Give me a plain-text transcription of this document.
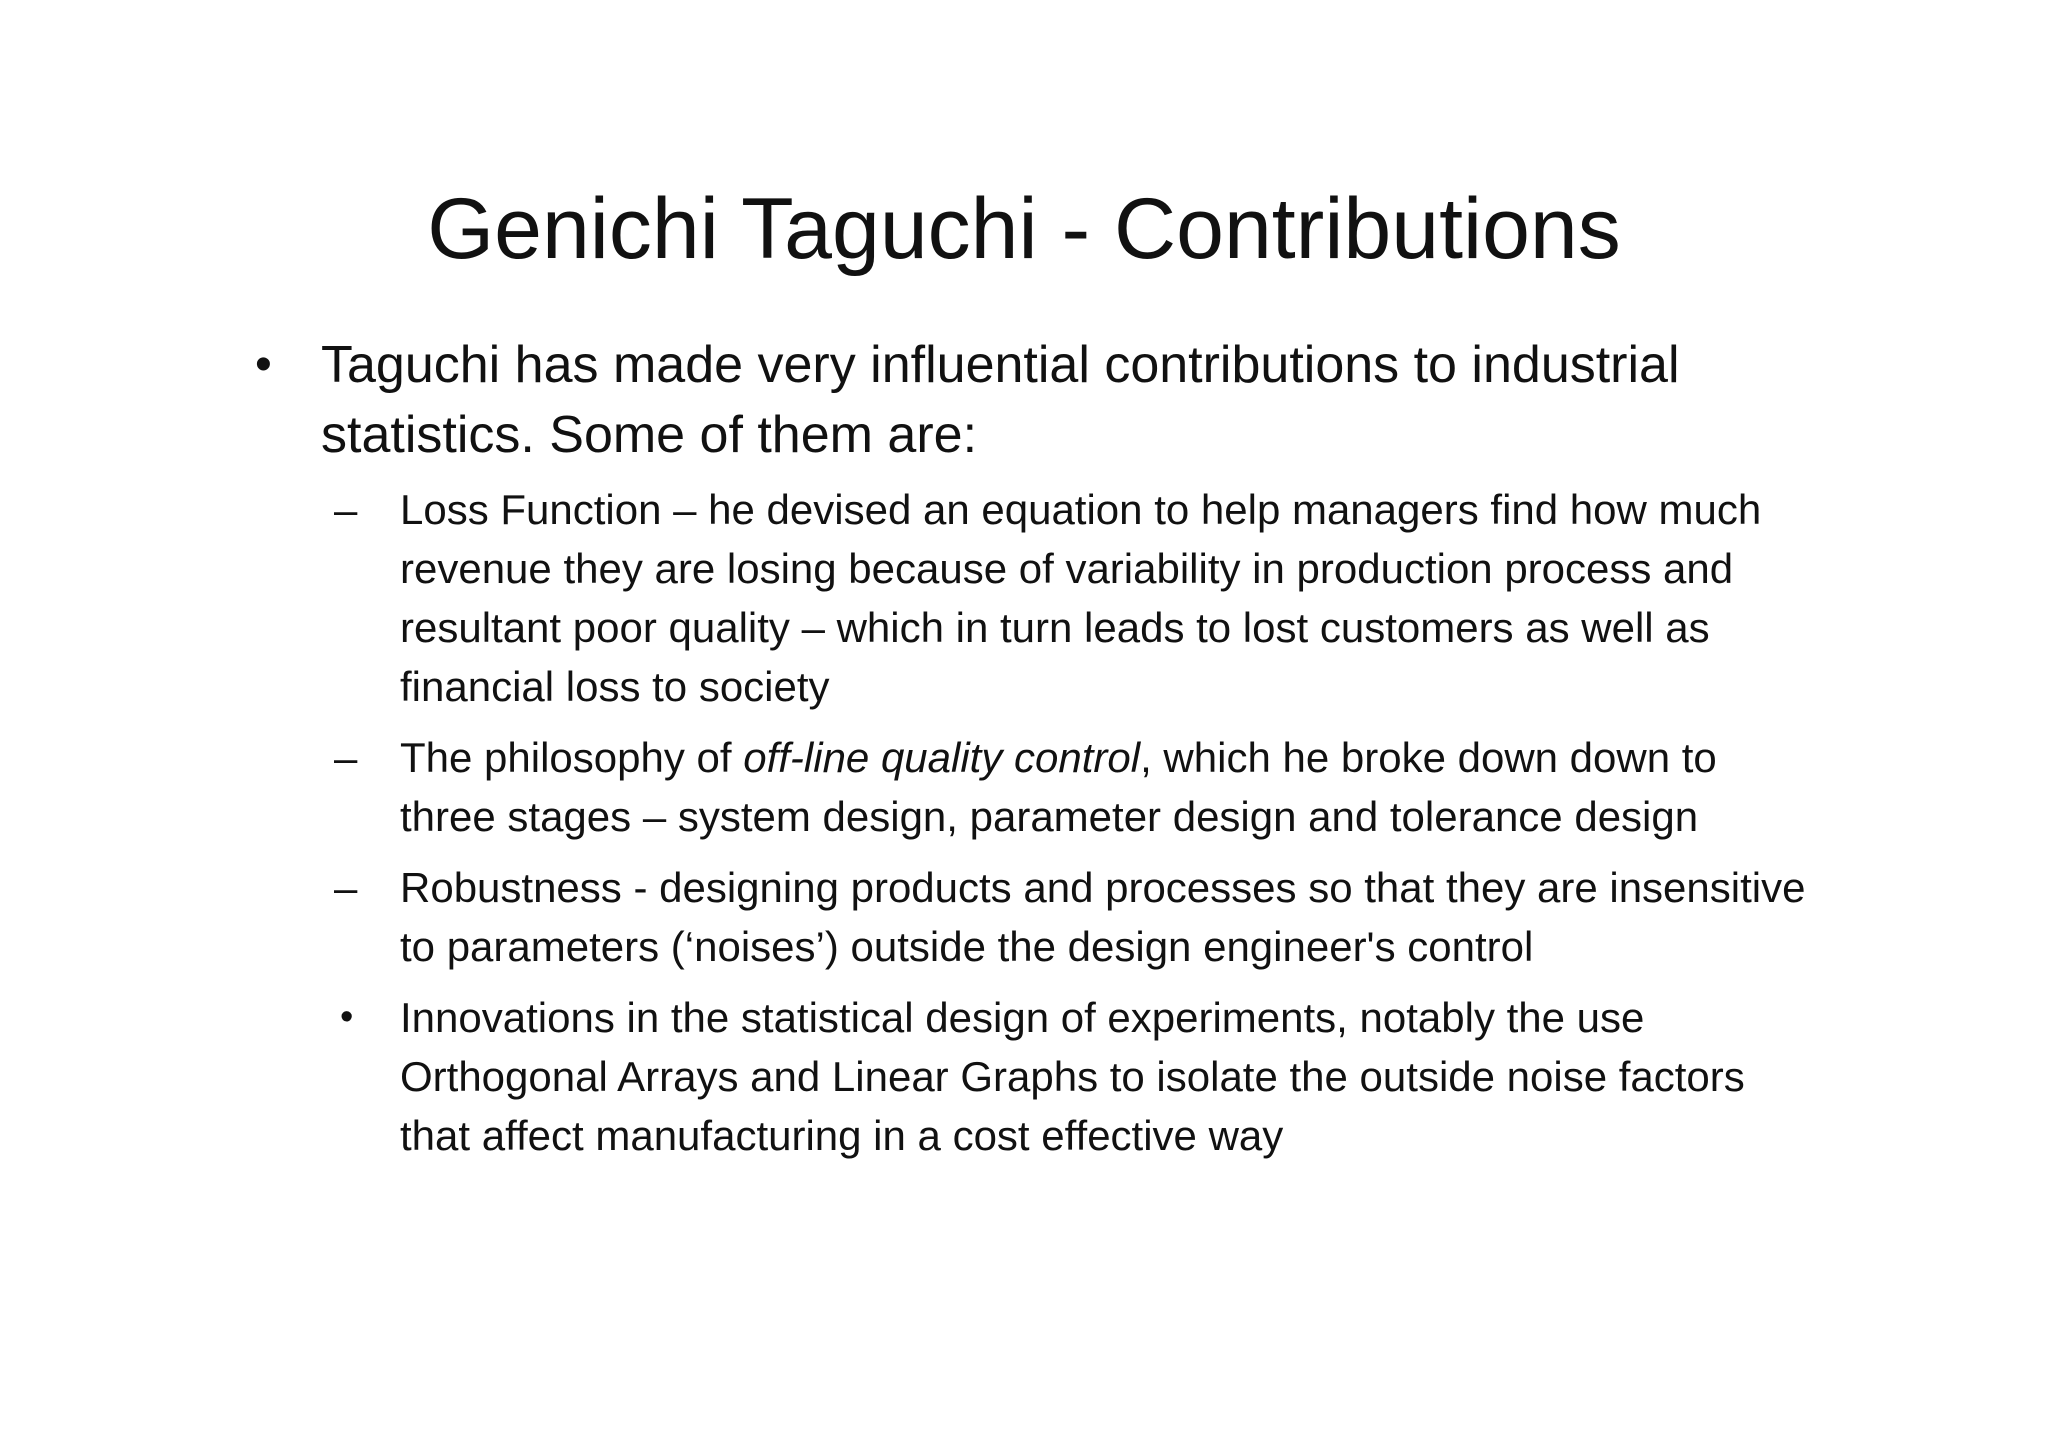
Genichi Taguchi - Contributions
• Taguchi has made very influential contributions to industrial statistics. Some of them are:
– Loss Function – he devised an equation to help managers find how much revenue they are losing because of variability in production process and resultant poor quality – which in turn leads to lost customers as well as financial loss to society
– The philosophy of off-line quality control, which he broke down down to three stages – system design, parameter design and tolerance design
– Robustness - designing products and processes so that they are insensitive to parameters (‘noises’) outside the design engineer's control
• Innovations in the statistical design of experiments, notably the use Orthogonal Arrays and Linear Graphs to isolate the outside noise factors that affect manufacturing in a cost effective way
